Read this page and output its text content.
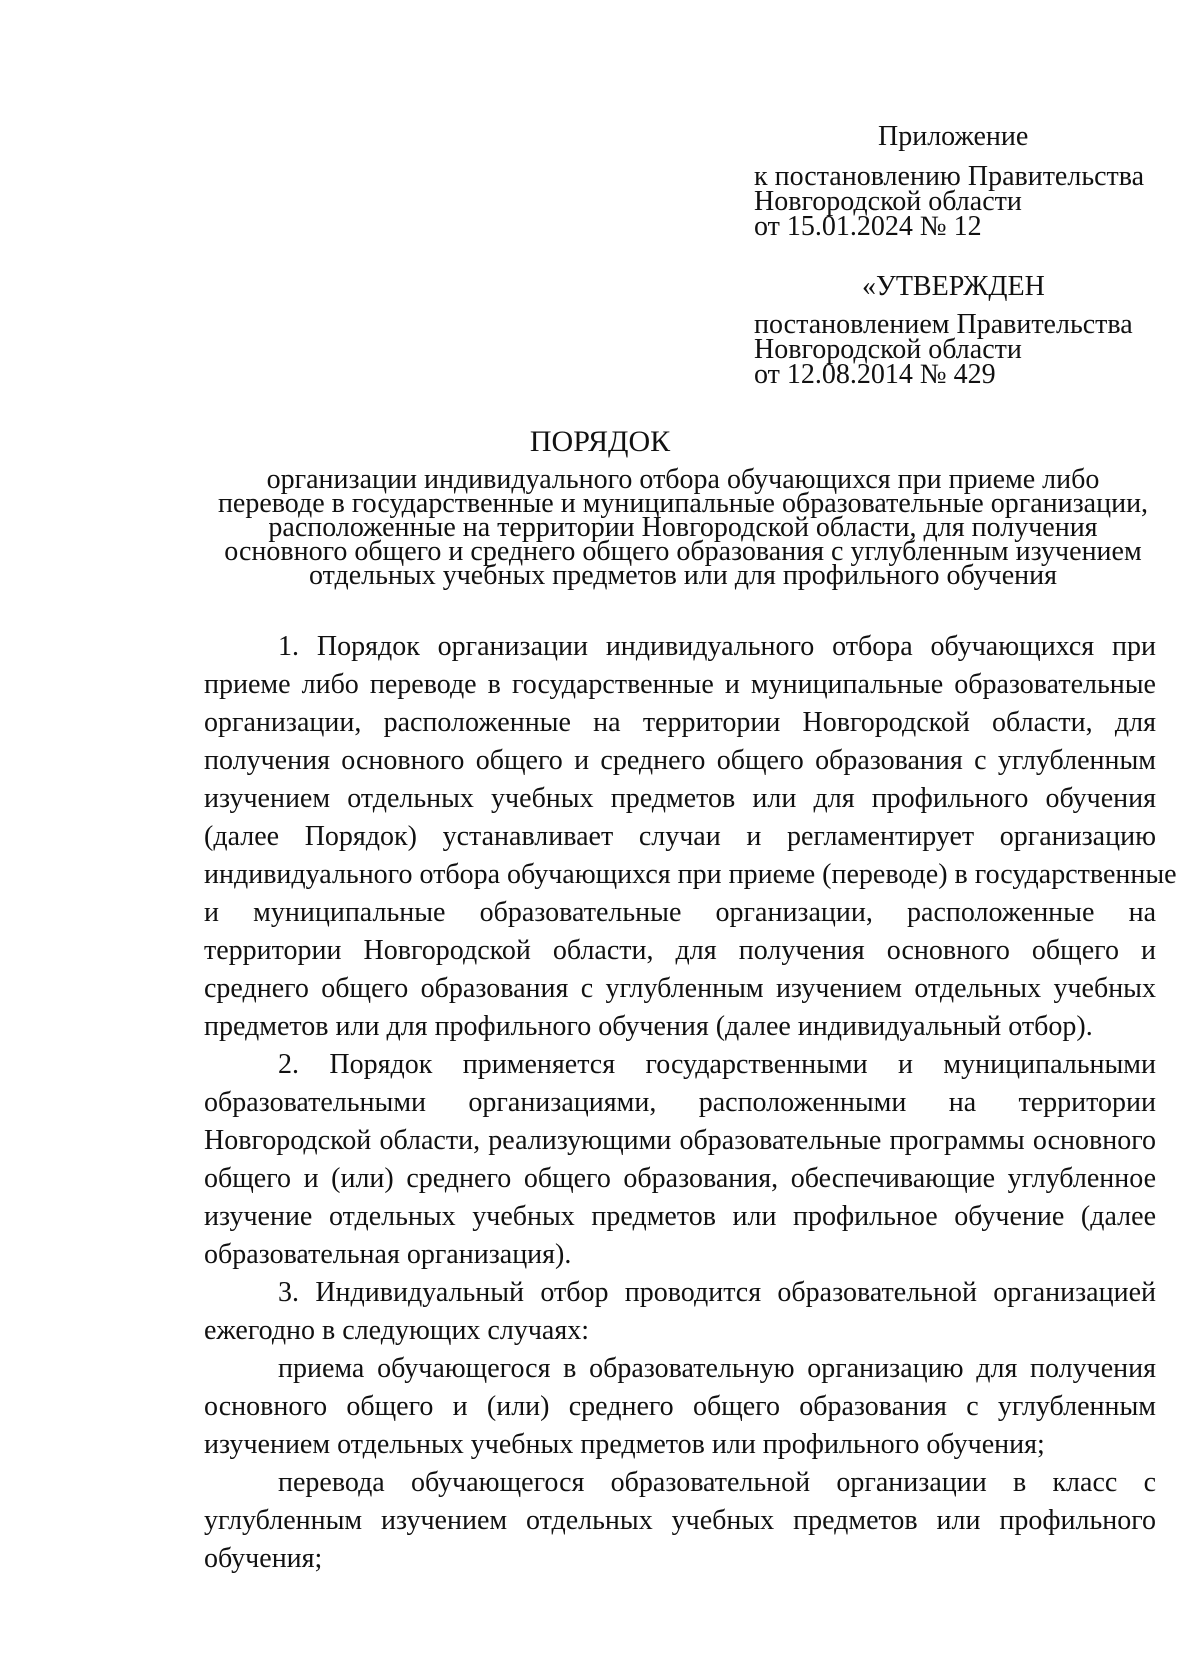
Приложение
к постановлению Правительства
Новгородской области
от 15.01.2024 № 12
«УТВЕРЖДЕН
постановлением Правительства
Новгородской области
от 12.08.2014 № 429
ПОРЯДОК
организации индивидуального отбора обучающихся при приеме либо
переводе в государственные и муниципальные образовательные организации,
расположенные на территории Новгородской области, для получения
основного общего и среднего общего образования с углубленным изучением
отдельных учебных предметов или для профильного обучения
1. Порядок организации индивидуального отбора обучающихся при
приеме либо переводе в государственные и муниципальные образовательные
организации, расположенные на территории Новгородской области, для
получения основного общего и среднего общего образования с углубленным
изучением отдельных учебных предметов или для профильного обучения
(далее Порядок) устанавливает случаи и регламентирует организацию
индивидуального отбора обучающихся при приеме (переводе) в государственные
и муниципальные образовательные организации, расположенные на
территории Новгородской области, для получения основного общего и
среднего общего образования с углубленным изучением отдельных учебных
предметов или для профильного обучения (далее индивидуальный отбор).
2. Порядок применяется государственными и муниципальными
образовательными организациями, расположенными на территории
Новгородской области, реализующими образовательные программы основного
общего и (или) среднего общего образования, обеспечивающие углубленное
изучение отдельных учебных предметов или профильное обучение (далее
образовательная организация).
3. Индивидуальный отбор проводится образовательной организацией
ежегодно в следующих случаях:
приема обучающегося в образовательную организацию для получения
основного общего и (или) среднего общего образования с углубленным
изучением отдельных учебных предметов или профильного обучения;
перевода обучающегося образовательной организации в класс с
углубленным изучением отдельных учебных предметов или профильного
обучения;
